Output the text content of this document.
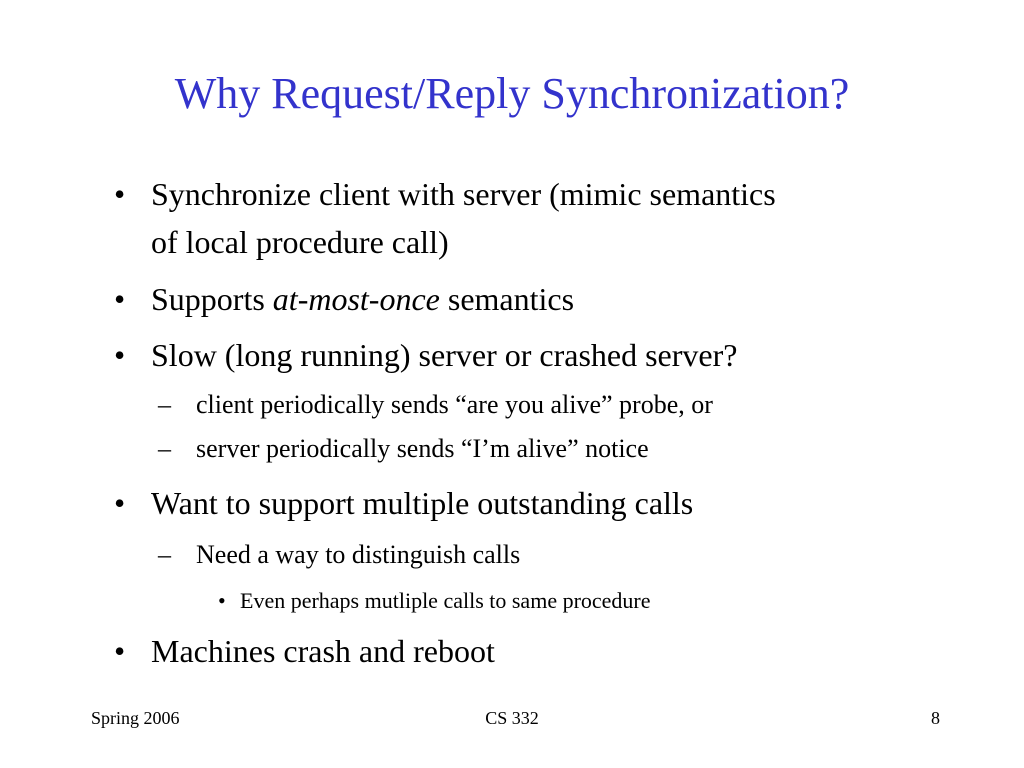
Why Request/Reply Synchronization?
• Synchronize client with server (mimic semantics
of local procedure call)
• Supports at-most-once semantics
• Slow (long running) server or crashed server?
– client periodically sends “are you alive” probe, or
– server periodically sends “I’m alive” notice
• Want to support multiple outstanding calls
– Need a way to distinguish calls
• Even perhaps mutliple calls to same procedure
• Machines crash and reboot
Spring 2006	CS 332	8
